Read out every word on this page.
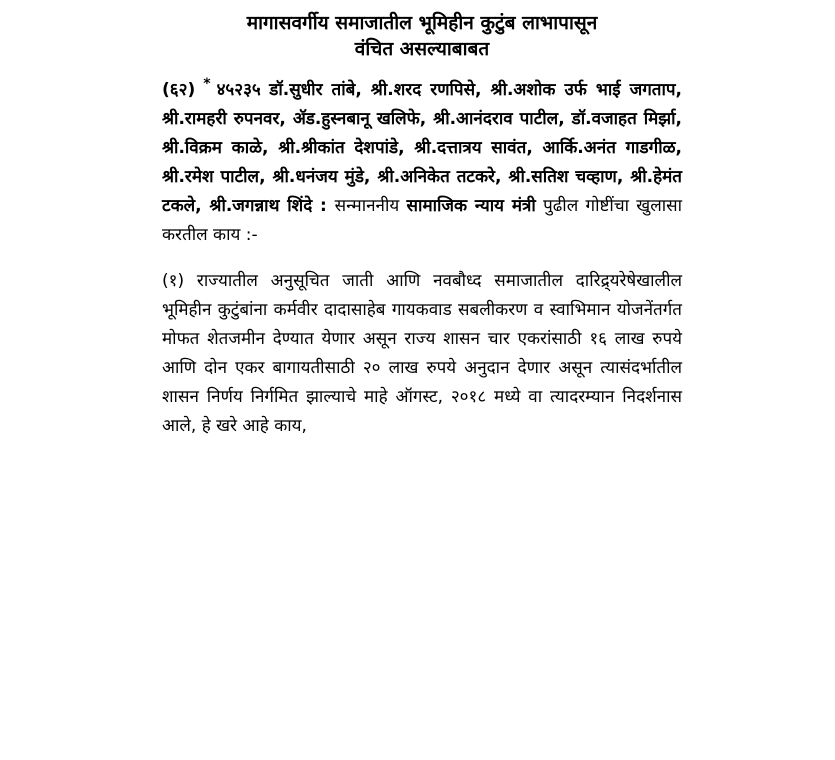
मागासवर्गीय समाजातील भूमिहीन कुटुंब लाभापासून
वंचित असल्याबाबत

(६२) * ४५२३५ डॉ.सुधीर तांबे, श्री.शरद रणपिसे, श्री.अशोक उर्फ भाई जगताप, श्री.रामहरी रुपनवर, ॲड.हुस्नबानू खलिफे, श्री.आनंदराव पाटील, डॉ.वजाहत मिर्झा, श्री.विक्रम काळे, श्री.श्रीकांत देशपांडे, श्री.दत्तात्रय सावंत, आर्कि.अनंत गाडगीळ, श्री.रमेश पाटील, श्री.धनंजय मुंडे, श्री.अनिकेत तटकरे, श्री.सतिश चव्हाण, श्री.हेमंत टकले, श्री.जगन्नाथ शिंदे : सन्माननीय सामाजिक न्याय मंत्री पुढील गोष्टींचा खुलासा करतील काय :-

(१) राज्यातील अनुसूचित जाती आणि नवबौध्द समाजातील दारिद्र्यरेषेखालील भूमिहीन कुटुंबांना कर्मवीर दादासाहेब गायकवाड सबलीकरण व स्वाभिमान योजनेंतर्गत मोफत शेतजमीन देण्यात येणार असून राज्य शासन चार एकरांसाठी १६ लाख रुपये आणि दोन एकर बागायतीसाठी २० लाख रुपये अनुदान देणार असून त्यासंदर्भातील शासन निर्णय निर्गमित झाल्याचे माहे ऑगस्ट, २०१८ मध्ये वा त्यादरम्यान निदर्शनास आले, हे खरे आहे काय,
